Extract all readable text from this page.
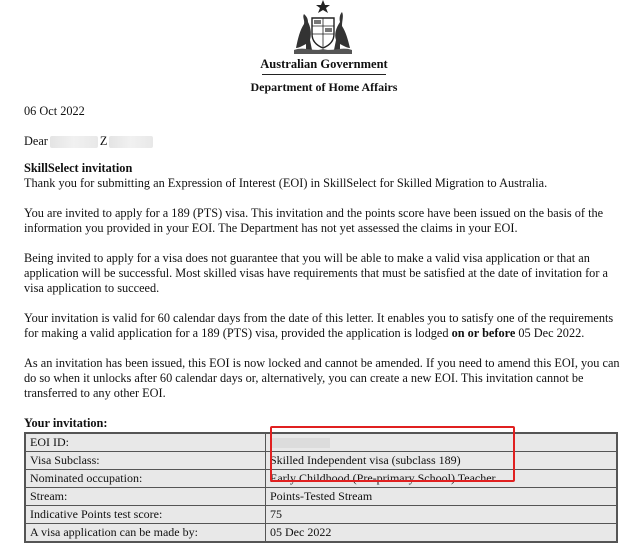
Australian Government
Department of Home Affairs

06 Oct 2022

Dear	Z

SkillSelect invitation

Thank you for submitting an Expression of Interest (EOI) in SkillSelect for Skilled Migration to Australia.

You are invited to apply for a 189 (PTS) visa. This invitation and the points score have been issued on the basis of the information you provided in your EOI. The Department has not yet assessed the claims in your EOI.

Being invited to apply for a visa does not guarantee that you will be able to make a valid visa application or that an application will be successful. Most skilled visas have requirements that must be satisfied at the date of invitation for a visa application to succeed.

Your invitation is valid for 60 calendar days from the date of this letter. It enables you to satisfy one of the requirements for making a valid application for a 189 (PTS) visa, provided the application is lodged on or before 05 Dec 2022.

As an invitation has been issued, this EOI is now locked and cannot be amended. If you need to amend this EOI, you can do so when it unlocks after 60 calendar days or, alternatively, you can create a new EOI. This invitation cannot be transferred to any other EOI.

Your invitation:

EOI ID:	
Visa Subclass:	Skilled Independent visa (subclass 189)
Nominated occupation:	Early Childhood (Pre-primary School) Teacher
Stream:	Points-Tested Stream
Indicative Points test score:	75
A visa application can be made by:	05 Dec 2022
